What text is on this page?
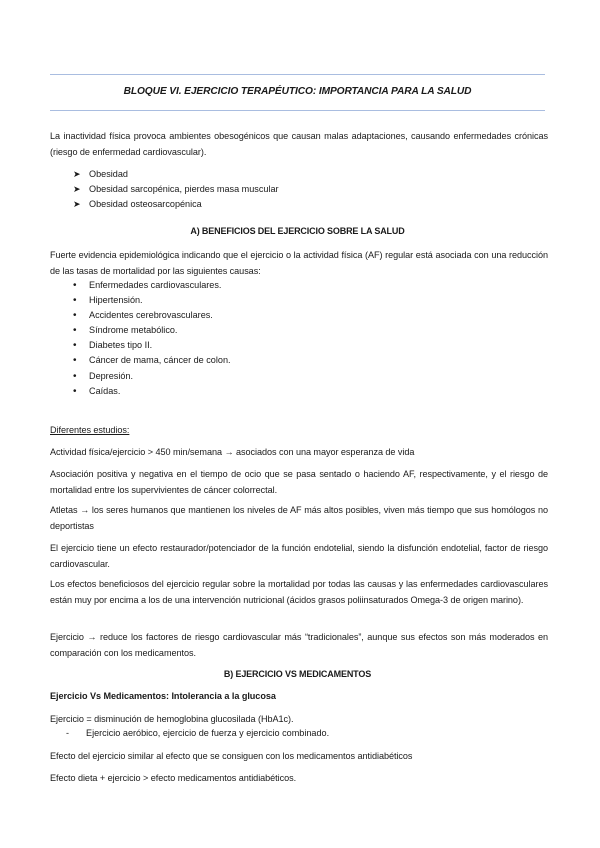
BLOQUE VI. EJERCICIO TERAPÉUTICO: IMPORTANCIA PARA LA SALUD
La inactividad física provoca ambientes obesogénicos que causan malas adaptaciones, causando enfermedades crónicas (riesgo de enfermedad cardiovascular).
➤ Obesidad
➤ Obesidad sarcopénica, pierdes masa muscular
➤ Obesidad osteosarcopénica
A) BENEFICIOS DEL EJERCICIO SOBRE LA SALUD
Fuerte evidencia epidemiológica indicando que el ejercicio o la actividad física (AF) regular está asociada con una reducción de las tasas de mortalidad por las siguientes causas:
•	Enfermedades cardiovasculares.
•	Hipertensión.
•	Accidentes cerebrovasculares.
•	Síndrome metabólico.
•	Diabetes tipo II.
•	Cáncer de mama, cáncer de colon.
•	Depresión.
•	Caídas.
Diferentes estudios:
Actividad física/ejercicio > 450 min/semana → asociados con una mayor esperanza de vida
Asociación positiva y negativa en el tiempo de ocio que se pasa sentado o haciendo AF, respectivamente, y el riesgo de mortalidad entre los supervivientes de cáncer colorrectal.
Atletas → los seres humanos que mantienen los niveles de AF más altos posibles, viven más tiempo que sus homólogos no deportistas
El ejercicio tiene un efecto restaurador/potenciador de la función endotelial, siendo la disfunción endotelial, factor de riesgo cardiovascular.
Los efectos beneficiosos del ejercicio regular sobre la mortalidad por todas las causas y las enfermedades cardiovasculares están muy por encima a los de una intervención nutricional (ácidos grasos poliinsaturados Omega-3 de origen marino).
Ejercicio → reduce los factores de riesgo cardiovascular más “tradicionales”, aunque sus efectos son más moderados en comparación con los medicamentos.
B) EJERCICIO VS MEDICAMENTOS
Ejercicio Vs Medicamentos: Intolerancia a la glucosa
Ejercicio = disminución de hemoglobina glucosilada (HbA1c).
-	Ejercicio aeróbico, ejercicio de fuerza y ejercicio combinado.
Efecto del ejercicio similar al efecto que se consiguen con los medicamentos antidiabéticos
Efecto dieta + ejercicio > efecto medicamentos antidiabéticos.
